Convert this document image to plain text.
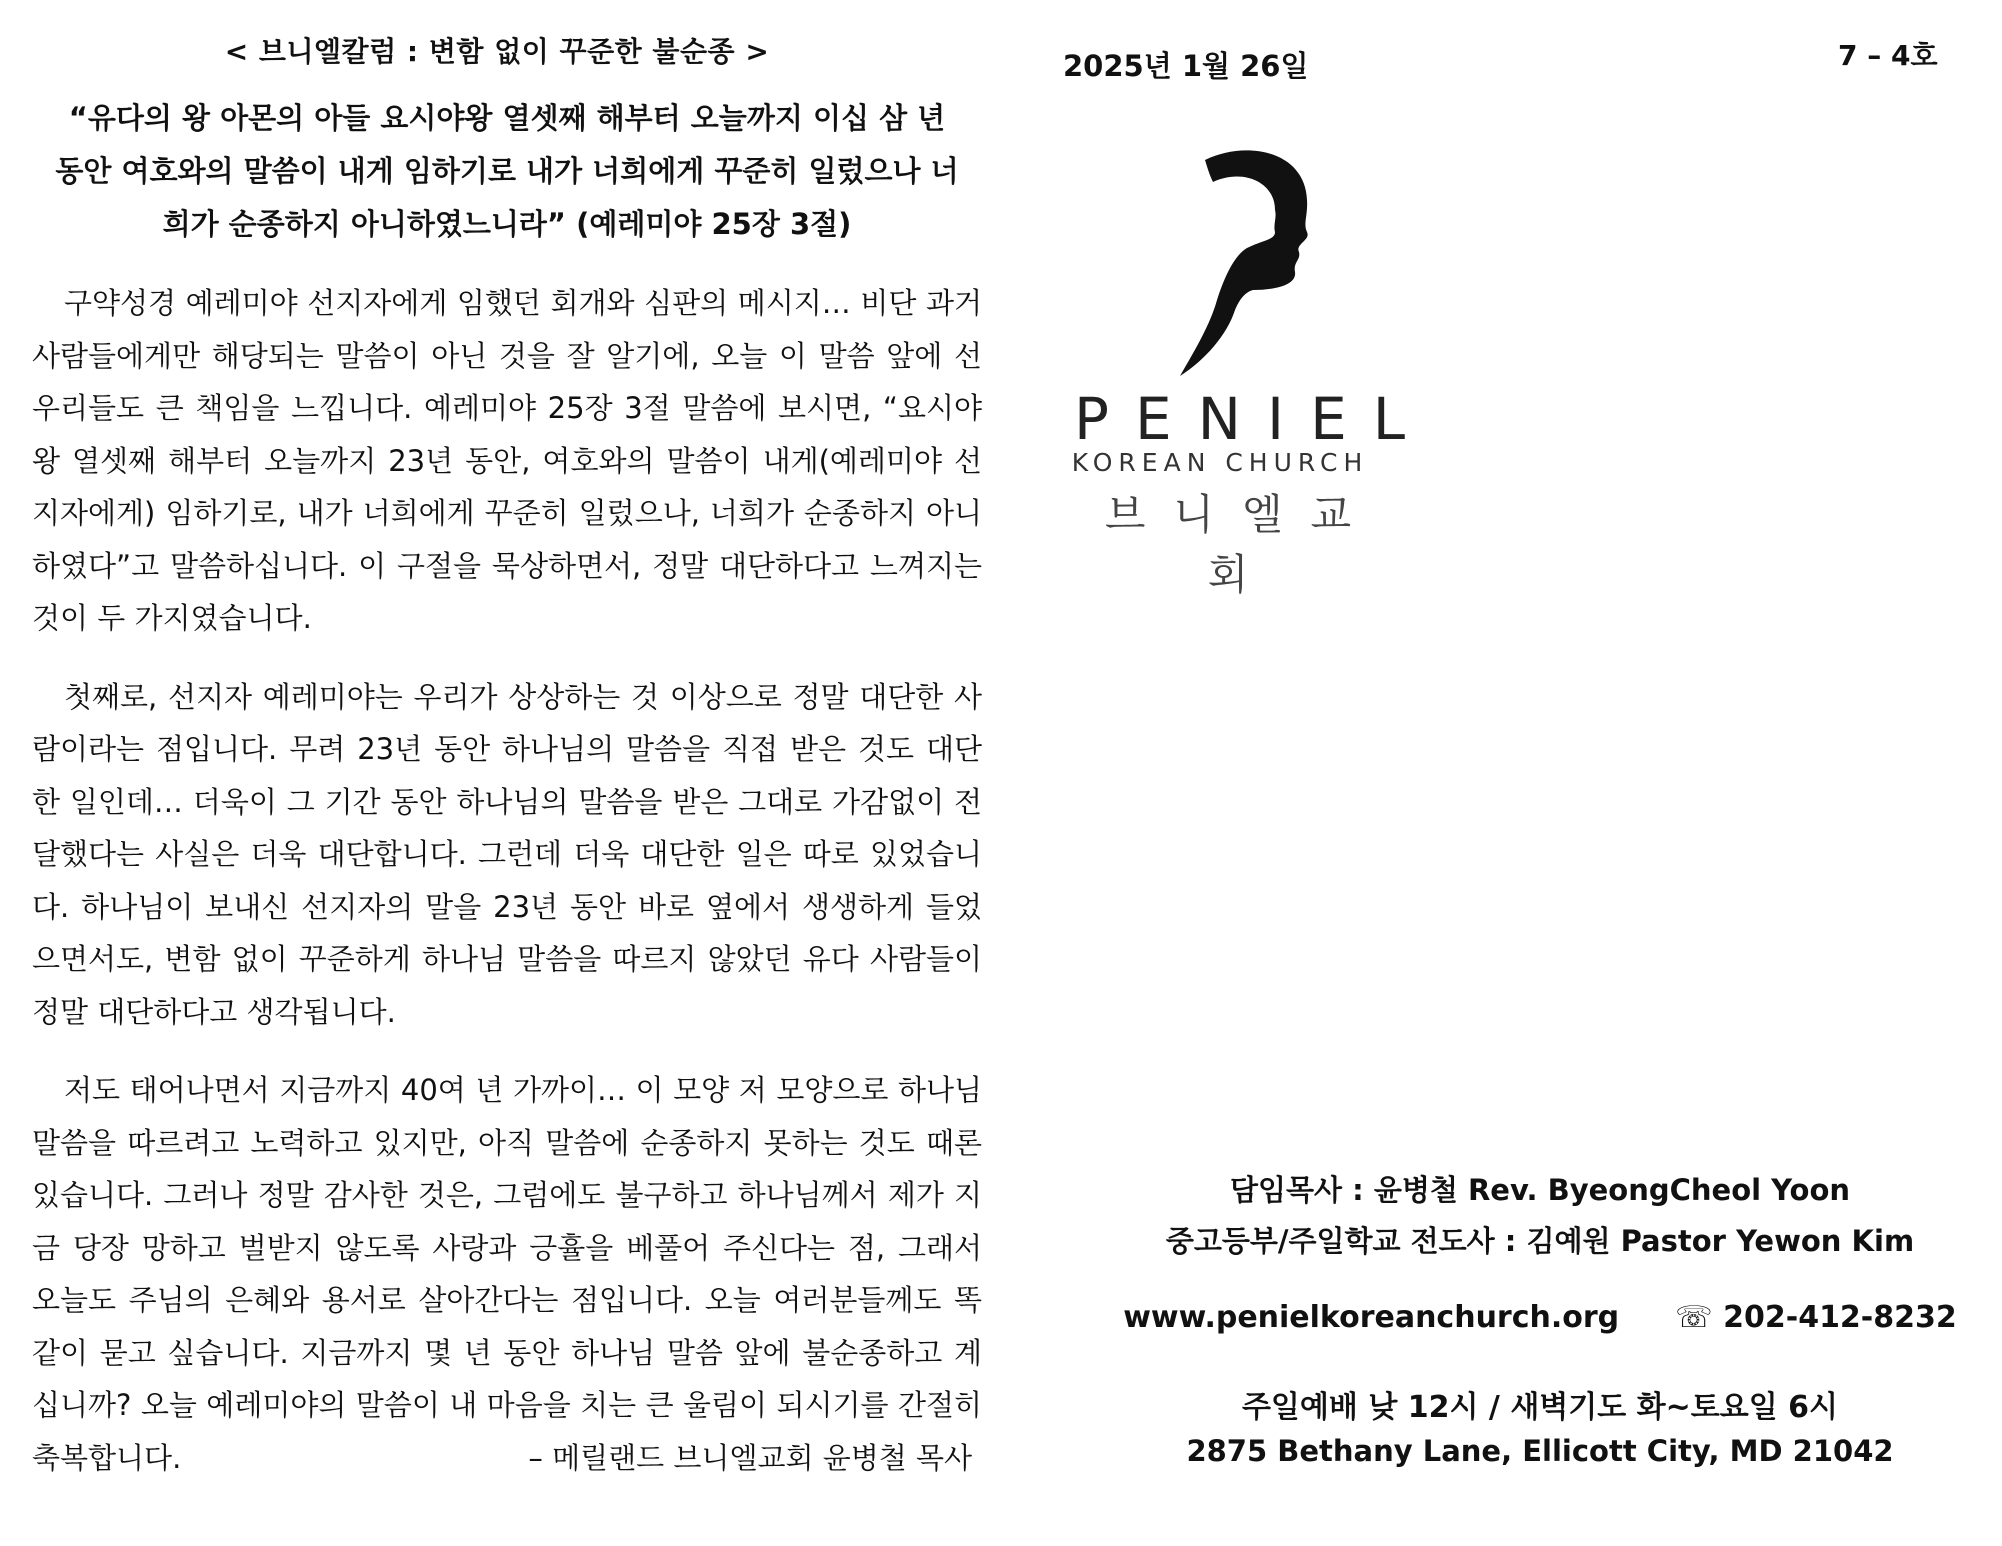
< 브니엘칼럼 : 변함 없이 꾸준한 불순종 >
“유다의 왕 아몬의 아들 요시야왕 열셋째 해부터 오늘까지 이십 삼 년 동안 여호와의 말씀이 내게 임하기로 내가 너희에게 꾸준히 일렀으나 너희가 순종하지 아니하였느니라” (예레미야 25장 3절)

구약성경 예레미야 선지자에게 임했던 회개와 심판의 메시지… 비단 과거 사람들에게만 해당되는 말씀이 아닌 것을 잘 알기에, 오늘 이 말씀 앞에 선 우리들도 큰 책임을 느낍니다. 예레미야 25장 3절 말씀에 보시면, “요시야왕 열셋째 해부터 오늘까지 23년 동안, 여호와의 말씀이 내게(예레미야 선지자에게) 임하기로, 내가 너희에게 꾸준히 일렀으나, 너희가 순종하지 아니하였다”고 말씀하십니다. 이 구절을 묵상하면서, 정말 대단하다고 느껴지는 것이 두 가지였습니다.

첫째로, 선지자 예레미야는 우리가 상상하는 것 이상으로 정말 대단한 사람이라는 점입니다. 무려 23년 동안 하나님의 말씀을 직접 받은 것도 대단한 일인데… 더욱이 그 기간 동안 하나님의 말씀을 받은 그대로 가감없이 전달했다는 사실은 더욱 대단합니다. 그런데 더욱 대단한 일은 따로 있었습니다. 하나님이 보내신 선지자의 말을 23년 동안 바로 옆에서 생생하게 들었으면서도, 변함 없이 꾸준하게 하나님 말씀을 따르지 않았던 유다 사람들이 정말 대단하다고 생각됩니다.

저도 태어나면서 지금까지 40여 년 가까이… 이 모양 저 모양으로 하나님 말씀을 따르려고 노력하고 있지만, 아직 말씀에 순종하지 못하는 것도 때론 있습니다. 그러나 정말 감사한 것은, 그럼에도 불구하고 하나님께서 제가 지금 당장 망하고 벌받지 않도록 사랑과 긍휼을 베풀어 주신다는 점, 그래서 오늘도 주님의 은혜와 용서로 살아간다는 점입니다. 오늘 여러분들께도 똑같이 묻고 싶습니다. 지금까지 몇 년 동안 하나님 말씀 앞에 불순종하고 계십니까? 오늘 예레미야의 말씀이 내 마음을 치는 큰 울림이 되시기를 간절히 축복합니다.	– 메릴랜드 브니엘교회 윤병철 목사

2025년 1월 26일	7 – 4호
PENIEL
KOREAN CHURCH
브니엘교회
담임목사 : 윤병철 Rev. ByeongCheol Yoon
중고등부/주일학교 전도사 : 김예원 Pastor Yewon Kim
www.penielkoreanchurch.org ☏ 202-412-8232
주일예배 낮 12시 / 새벽기도 화~토요일 6시
2875 Bethany Lane, Ellicott City, MD 21042
